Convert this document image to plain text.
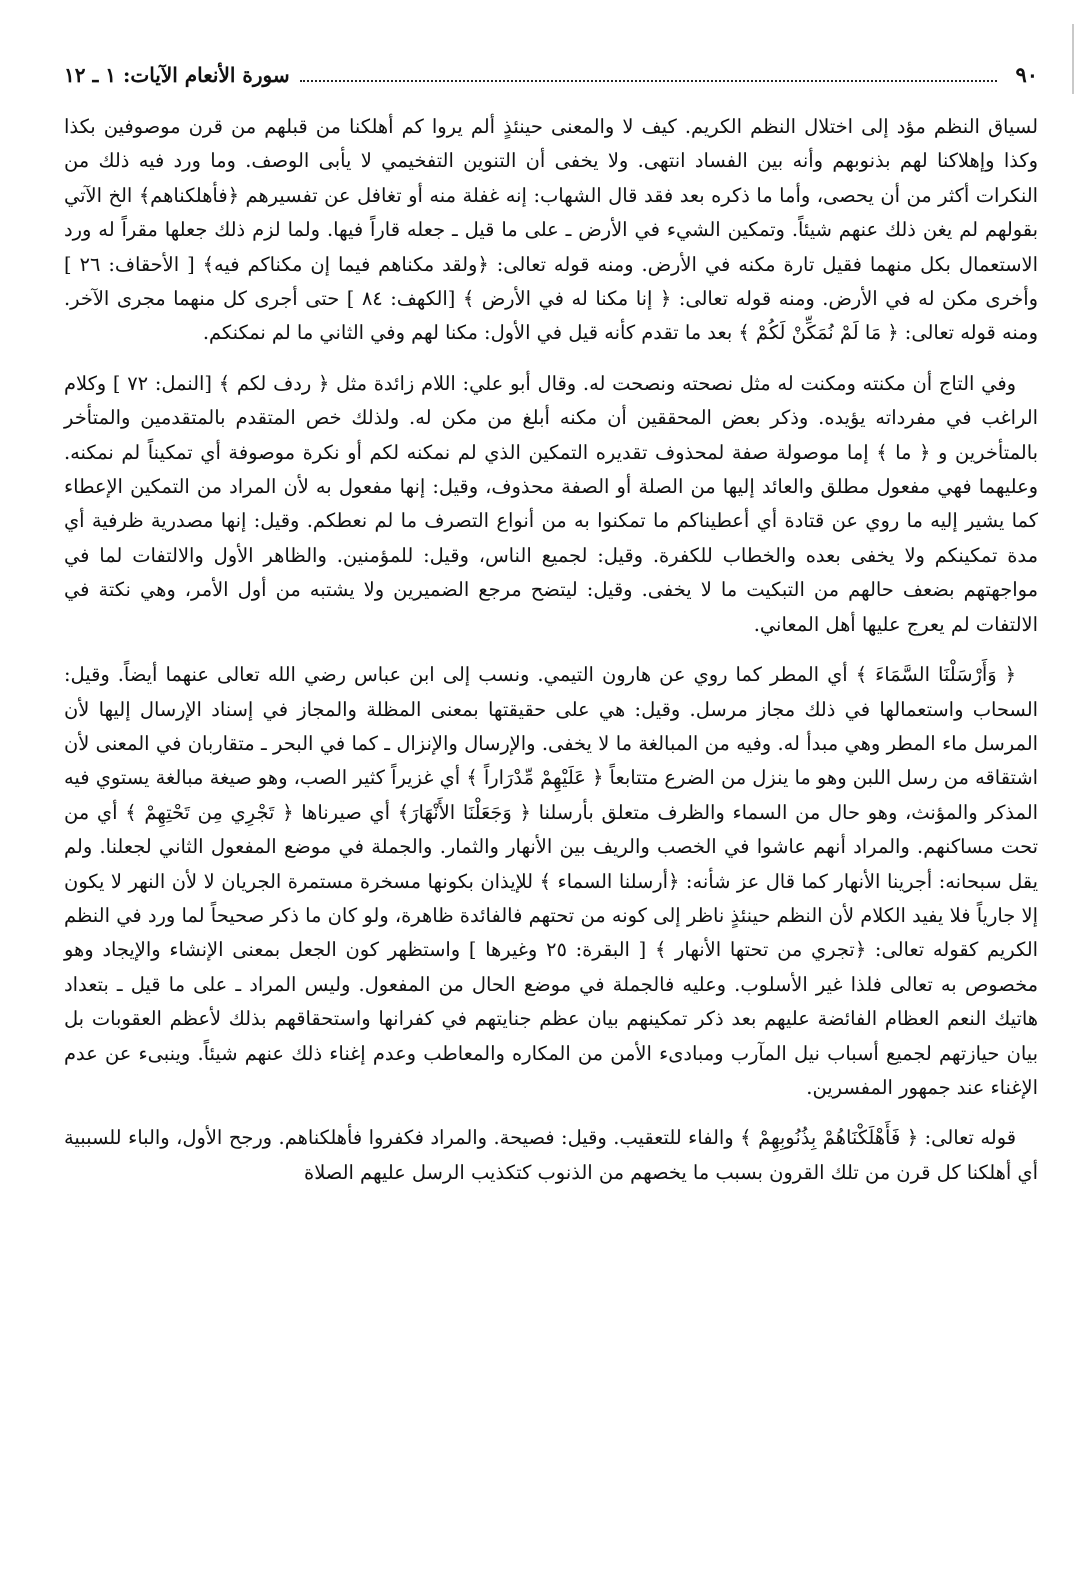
٩٠
سورة الأنعام الآيات: ١ ـ ١٢

لسياق النظم مؤد إلى اختلال النظم الكريم. كيف لا والمعنى حينئذٍ ألم يروا كم أهلكنا من قبلهم من قرن موصوفين بكذا وكذا وإهلاكنا لهم بذنوبهم وأنه بين الفساد انتهى. ولا يخفى أن التنوين التفخيمي لا يأبى الوصف. وما ورد فيه ذلك من النكرات أكثر من أن يحصى، وأما ما ذكره بعد فقد قال الشهاب: إنه غفلة منه أو تغافل عن تفسيرهم ﴿فأهلكناهم﴾ الخ الآتي بقولهم لم يغن ذلك عنهم شيئاً. وتمكين الشيء في الأرض ـ على ما قيل ـ جعله قاراً فيها. ولما لزم ذلك جعلها مقراً له ورد الاستعمال بكل منهما فقيل تارة مكنه في الأرض. ومنه قوله تعالى: ﴿ولقد مكناهم فيما إن مكناكم فيه﴾ [ الأحقاف: ٢٦ ] وأخرى مكن له في الأرض. ومنه قوله تعالى: ﴿ إنا مكنا له في الأرض ﴾ [الكهف: ٨٤ ] حتى أجرى كل منهما مجرى الآخر. ومنه قوله تعالى: ﴿ مَا لَمْ نُمَكِّنْ لَكُمْ ﴾ بعد ما تقدم كأنه قيل في الأول: مكنا لهم وفي الثاني ما لم نمكنكم.

وفي التاج أن مكنته ومكنت له مثل نصحته ونصحت له. وقال أبو علي: اللام زائدة مثل ﴿ ردف لكم ﴾ [النمل: ٧٢ ] وكلام الراغب في مفرداته يؤيده. وذكر بعض المحققين أن مكنه أبلغ من مكن له. ولذلك خص المتقدم بالمتقدمين والمتأخر بالمتأخرين و ﴿ ما ﴾ إما موصولة صفة لمحذوف تقديره التمكين الذي لم نمكنه لكم أو نكرة موصوفة أي تمكيناً لم نمكنه. وعليهما فهي مفعول مطلق والعائد إليها من الصلة أو الصفة محذوف، وقيل: إنها مفعول به لأن المراد من التمكين الإعطاء كما يشير إليه ما روي عن قتادة أي أعطيناكم ما تمكنوا به من أنواع التصرف ما لم نعطكم. وقيل: إنها مصدرية ظرفية أي مدة تمكينكم ولا يخفى بعده والخطاب للكفرة. وقيل: لجميع الناس، وقيل: للمؤمنين. والظاهر الأول والالتفات لما في مواجهتهم بضعف حالهم من التبكيت ما لا يخفى. وقيل: ليتضح مرجع الضميرين ولا يشتبه من أول الأمر، وهي نكتة في الالتفات لم يعرج عليها أهل المعاني.

﴿ وَأَرْسَلْنَا السَّمَاءَ ﴾ أي المطر كما روي عن هارون التيمي. ونسب إلى ابن عباس رضي الله تعالى عنهما أيضاً. وقيل: السحاب واستعمالها في ذلك مجاز مرسل. وقيل: هي على حقيقتها بمعنى المظلة والمجاز في إسناد الإرسال إليها لأن المرسل ماء المطر وهي مبدأ له. وفيه من المبالغة ما لا يخفى. والإرسال والإنزال ـ كما في البحر ـ متقاربان في المعنى لأن اشتقاقه من رسل اللبن وهو ما ينزل من الضرع متتابعاً ﴿ عَلَيْهِمْ مِّدْرَاراً ﴾ أي غزيراً كثير الصب، وهو صيغة مبالغة يستوي فيه المذكر والمؤنث، وهو حال من السماء والظرف متعلق بأرسلنا ﴿ وَجَعَلْنَا الأَنْهَارَ﴾ أي صيرناها ﴿ تَجْرِي مِن تَحْتِهِمْ ﴾ أي من تحت مساكنهم. والمراد أنهم عاشوا في الخصب والريف بين الأنهار والثمار. والجملة في موضع المفعول الثاني لجعلنا. ولم يقل سبحانه: أجرينا الأنهار كما قال عز شأنه: ﴿أرسلنا السماء ﴾ للإيذان بكونها مسخرة مستمرة الجريان لا لأن النهر لا يكون إلا جارياً فلا يفيد الكلام لأن النظم حينئذٍ ناظر إلى كونه من تحتهم فالفائدة ظاهرة، ولو كان ما ذكر صحيحاً لما ورد في النظم الكريم كقوله تعالى: ﴿تجري من تحتها الأنهار ﴾ [ البقرة: ٢٥ وغيرها ] واستظهر كون الجعل بمعنى الإنشاء والإيجاد وهو مخصوص به تعالى فلذا غير الأسلوب. وعليه فالجملة في موضع الحال من المفعول. وليس المراد ـ على ما قيل ـ بتعداد هاتيك النعم العظام الفائضة عليهم بعد ذكر تمكينهم بيان عظم جنايتهم في كفرانها واستحقاقهم بذلك لأعظم العقوبات بل بيان حيازتهم لجميع أسباب نيل المآرب ومبادىء الأمن من المكاره والمعاطب وعدم إغناء ذلك عنهم شيئاً. وينبىء عن عدم الإغناء عند جمهور المفسرين.

قوله تعالى: ﴿ فَأَهْلَكْنَاهُمْ بِذُنُوبِهِمْ ﴾ والفاء للتعقيب. وقيل: فصيحة. والمراد فكفروا فأهلكناهم. ورجح الأول، والباء للسببية أي أهلكنا كل قرن من تلك القرون بسبب ما يخصهم من الذنوب كتكذيب الرسل عليهم الصلاة
